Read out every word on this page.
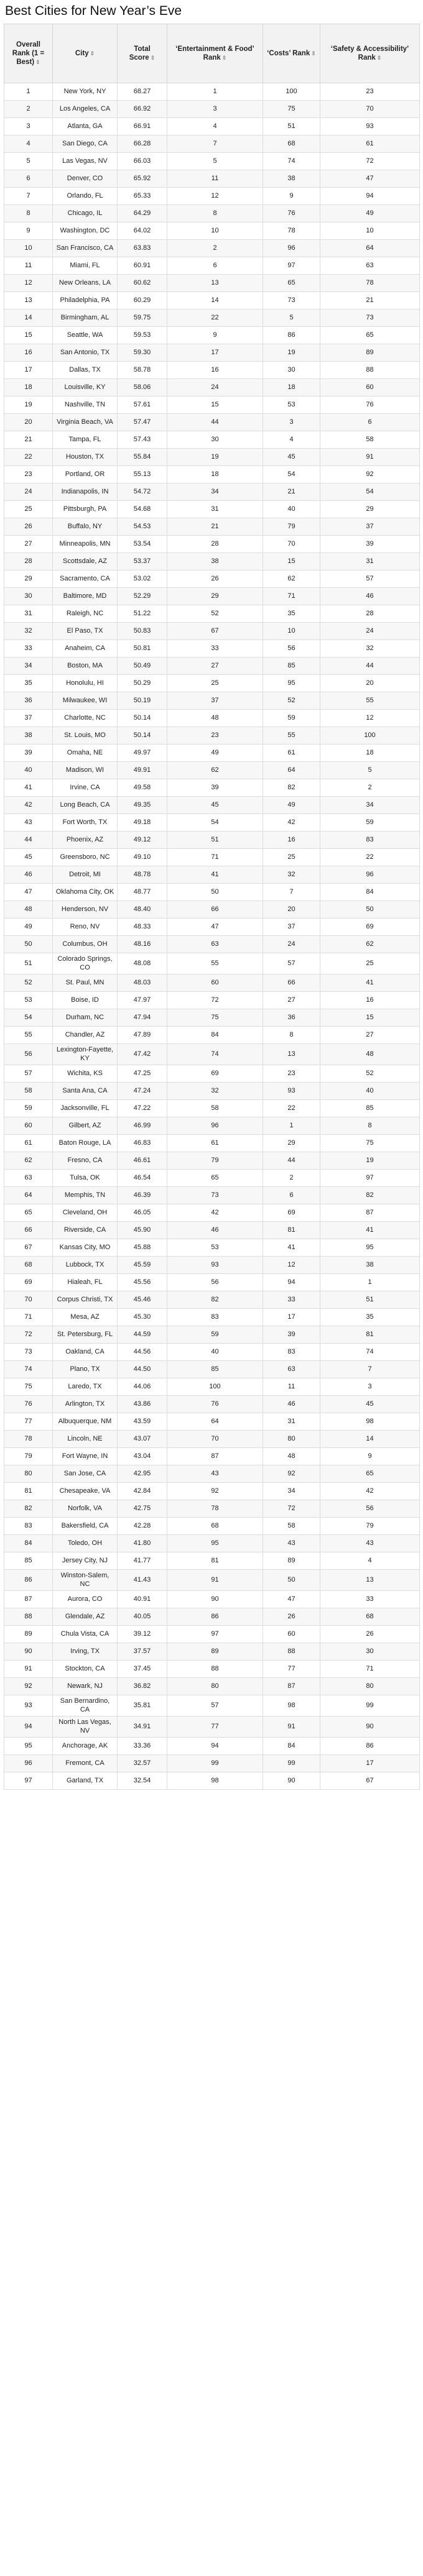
Best Cities for New Year’s Eve
Overall Rank (1 = Best) ⇕	City ⇕	Total Score ⇕	‘Entertainment & Food’ Rank ⇕	‘Costs’ Rank ⇕	‘Safety & Accessibility’ Rank ⇕
1	New York, NY	68.27	1	100	23
2	Los Angeles, CA	66.92	3	75	70
3	Atlanta, GA	66.91	4	51	93
4	San Diego, CA	66.28	7	68	61
5	Las Vegas, NV	66.03	5	74	72
6	Denver, CO	65.92	11	38	47
7	Orlando, FL	65.33	12	9	94
8	Chicago, IL	64.29	8	76	49
9	Washington, DC	64.02	10	78	10
10	San Francisco, CA	63.83	2	96	64
11	Miami, FL	60.91	6	97	63
12	New Orleans, LA	60.62	13	65	78
13	Philadelphia, PA	60.29	14	73	21
14	Birmingham, AL	59.75	22	5	73
15	Seattle, WA	59.53	9	86	65
16	San Antonio, TX	59.30	17	19	89
17	Dallas, TX	58.78	16	30	88
18	Louisville, KY	58.06	24	18	60
19	Nashville, TN	57.61	15	53	76
20	Virginia Beach, VA	57.47	44	3	6
21	Tampa, FL	57.43	30	4	58
22	Houston, TX	55.84	19	45	91
23	Portland, OR	55.13	18	54	92
24	Indianapolis, IN	54.72	34	21	54
25	Pittsburgh, PA	54.68	31	40	29
26	Buffalo, NY	54.53	21	79	37
27	Minneapolis, MN	53.54	28	70	39
28	Scottsdale, AZ	53.37	38	15	31
29	Sacramento, CA	53.02	26	62	57
30	Baltimore, MD	52.29	29	71	46
31	Raleigh, NC	51.22	52	35	28
32	El Paso, TX	50.83	67	10	24
33	Anaheim, CA	50.81	33	56	32
34	Boston, MA	50.49	27	85	44
35	Honolulu, HI	50.29	25	95	20
36	Milwaukee, WI	50.19	37	52	55
37	Charlotte, NC	50.14	48	59	12
38	St. Louis, MO	50.14	23	55	100
39	Omaha, NE	49.97	49	61	18
40	Madison, WI	49.91	62	64	5
41	Irvine, CA	49.58	39	82	2
42	Long Beach, CA	49.35	45	49	34
43	Fort Worth, TX	49.18	54	42	59
44	Phoenix, AZ	49.12	51	16	83
45	Greensboro, NC	49.10	71	25	22
46	Detroit, MI	48.78	41	32	96
47	Oklahoma City, OK	48.77	50	7	84
48	Henderson, NV	48.40	66	20	50
49	Reno, NV	48.33	47	37	69
50	Columbus, OH	48.16	63	24	62
51	Colorado Springs, CO	48.08	55	57	25
52	St. Paul, MN	48.03	60	66	41
53	Boise, ID	47.97	72	27	16
54	Durham, NC	47.94	75	36	15
55	Chandler, AZ	47.89	84	8	27
56	Lexington-Fayette, KY	47.42	74	13	48
57	Wichita, KS	47.25	69	23	52
58	Santa Ana, CA	47.24	32	93	40
59	Jacksonville, FL	47.22	58	22	85
60	Gilbert, AZ	46.99	96	1	8
61	Baton Rouge, LA	46.83	61	29	75
62	Fresno, CA	46.61	79	44	19
63	Tulsa, OK	46.54	65	2	97
64	Memphis, TN	46.39	73	6	82
65	Cleveland, OH	46.05	42	69	87
66	Riverside, CA	45.90	46	81	41
67	Kansas City, MO	45.88	53	41	95
68	Lubbock, TX	45.59	93	12	38
69	Hialeah, FL	45.56	56	94	1
70	Corpus Christi, TX	45.46	82	33	51
71	Mesa, AZ	45.30	83	17	35
72	St. Petersburg, FL	44.59	59	39	81
73	Oakland, CA	44.56	40	83	74
74	Plano, TX	44.50	85	63	7
75	Laredo, TX	44.06	100	11	3
76	Arlington, TX	43.86	76	46	45
77	Albuquerque, NM	43.59	64	31	98
78	Lincoln, NE	43.07	70	80	14
79	Fort Wayne, IN	43.04	87	48	9
80	San Jose, CA	42.95	43	92	65
81	Chesapeake, VA	42.84	92	34	42
82	Norfolk, VA	42.75	78	72	56
83	Bakersfield, CA	42.28	68	58	79
84	Toledo, OH	41.80	95	43	43
85	Jersey City, NJ	41.77	81	89	4
86	Winston-Salem, NC	41.43	91	50	13
87	Aurora, CO	40.91	90	47	33
88	Glendale, AZ	40.05	86	26	68
89	Chula Vista, CA	39.12	97	60	26
90	Irving, TX	37.57	89	88	30
91	Stockton, CA	37.45	88	77	71
92	Newark, NJ	36.82	80	87	80
93	San Bernardino, CA	35.81	57	98	99
94	North Las Vegas, NV	34.91	77	91	90
95	Anchorage, AK	33.36	94	84	86
96	Fremont, CA	32.57	99	99	17
97	Garland, TX	32.54	98	90	67
